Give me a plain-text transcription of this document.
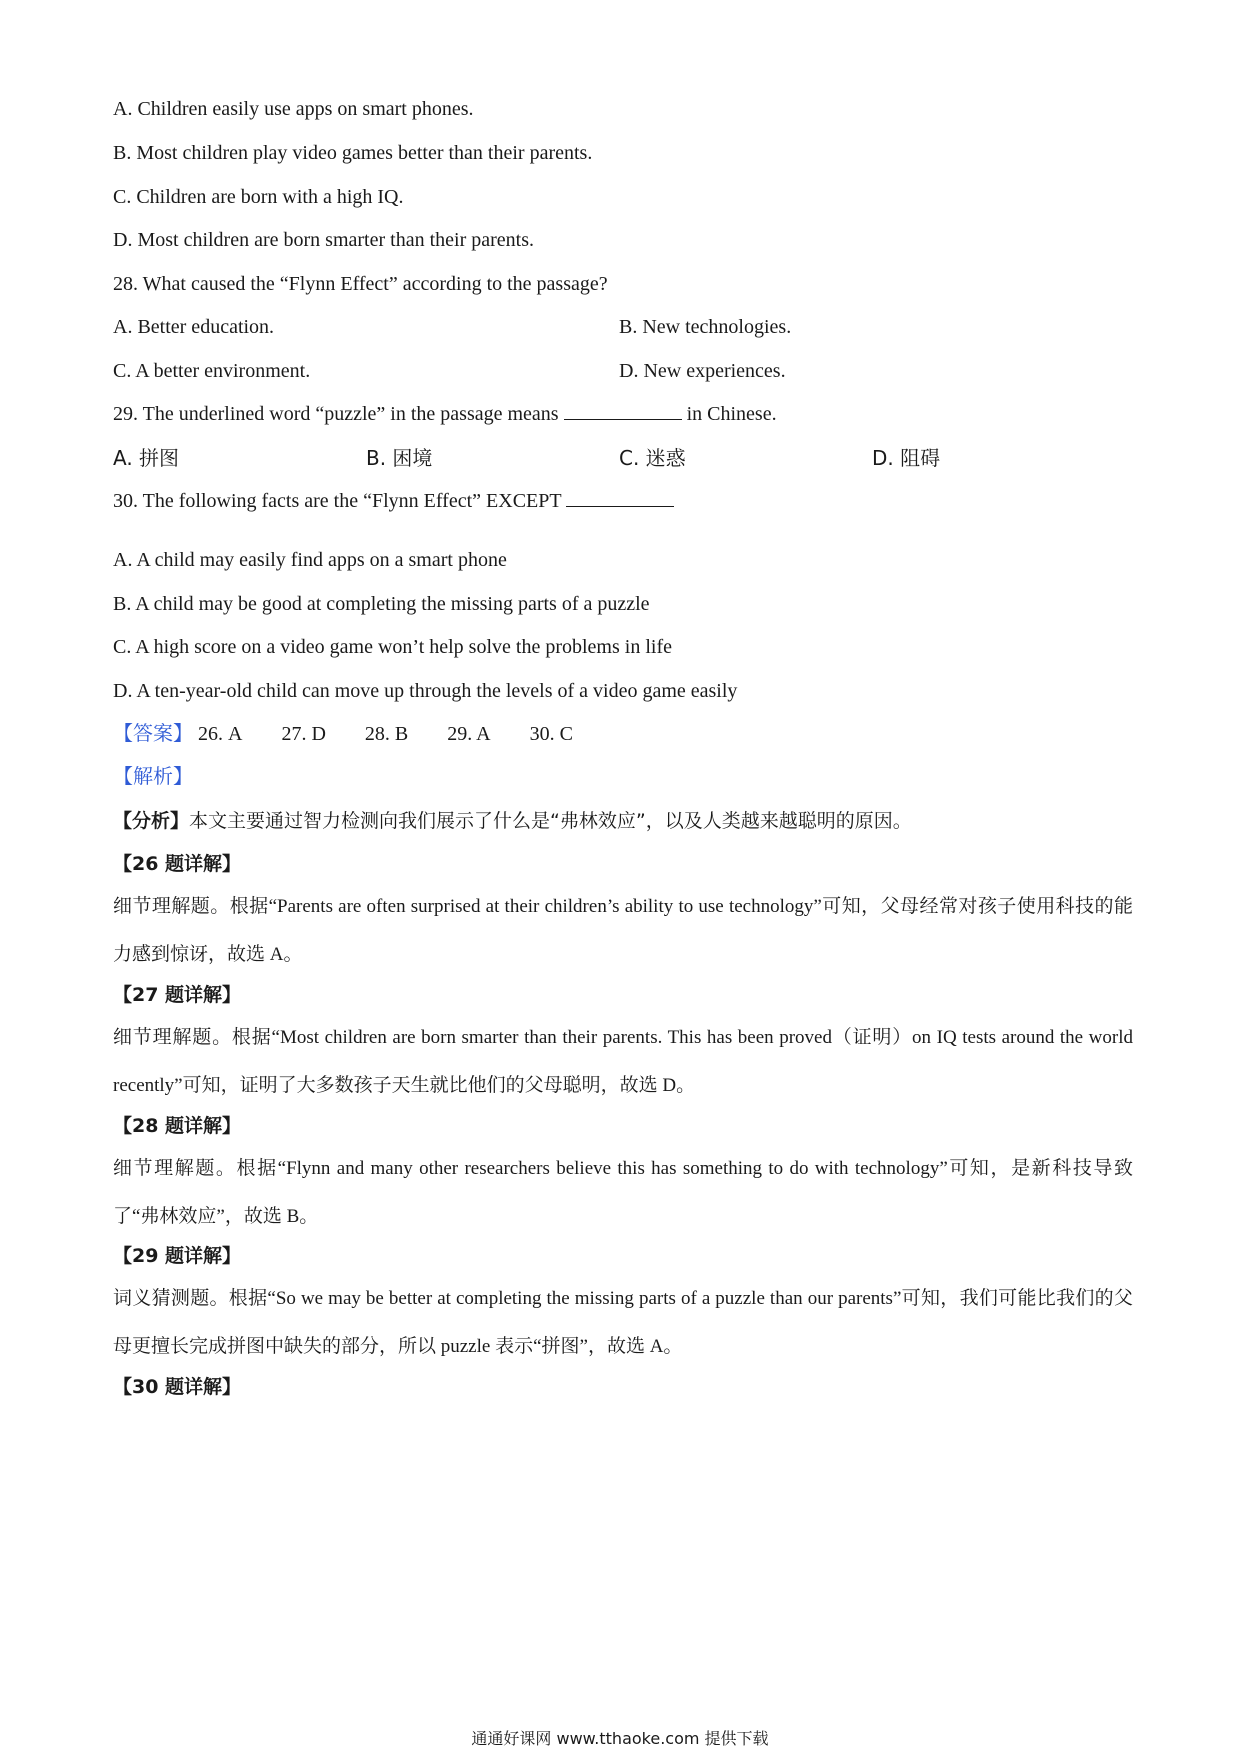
A. Children easily use apps on smart phones.
B. Most children play video games better than their parents.
C. Children are born with a high IQ.
D. Most children are born smarter than their parents.
28. What caused the “Flynn Effect” according to the passage?
A. Better education.	B. New technologies.
C. A better environment.	D. New experiences.
29. The underlined word “puzzle” in the passage means	in Chinese.
A. 拼图	B. 困境	C. 迷惑	D. 阻碍
30. The following facts are the “Flynn Effect” EXCEPT
A. A child may easily find apps on a smart phone
B. A child may be good at completing the missing parts of a puzzle
C. A high score on a video game won’t help solve the problems in life
D. A ten-year-old child can move up through the levels of a video game easily
【答案】 26. A 27. D 28. B 29. A 30. C
【解析】
【分析】本文主要通过智力检测向我们展示了什么是“弗林效应”，以及人类越来越聪明的原因。
【26 题详解】
细节理解题。根据“Parents are often surprised at their children’s ability to use technology”可知，父母经常对孩子使用科技的能力感到惊讶，故选 A。
【27 题详解】
细节理解题。根据“Most children are born smarter than their parents. This has been proved（证明）on IQ tests around the world recently”可知，证明了大多数孩子天生就比他们的父母聪明，故选 D。
【28 题详解】
细节理解题。根据“Flynn and many other researchers believe this has something to do with technology”可知，是新科技导致了“弗林效应”，故选 B。
【29 题详解】
词义猜测题。根据“So we may be better at completing the missing parts of a puzzle than our parents”可知，我们可能比我们的父母更擅长完成拼图中缺失的部分，所以 puzzle 表示“拼图”，故选 A。
【30 题详解】
通通好课网 www.tthaoke.com 提供下载
